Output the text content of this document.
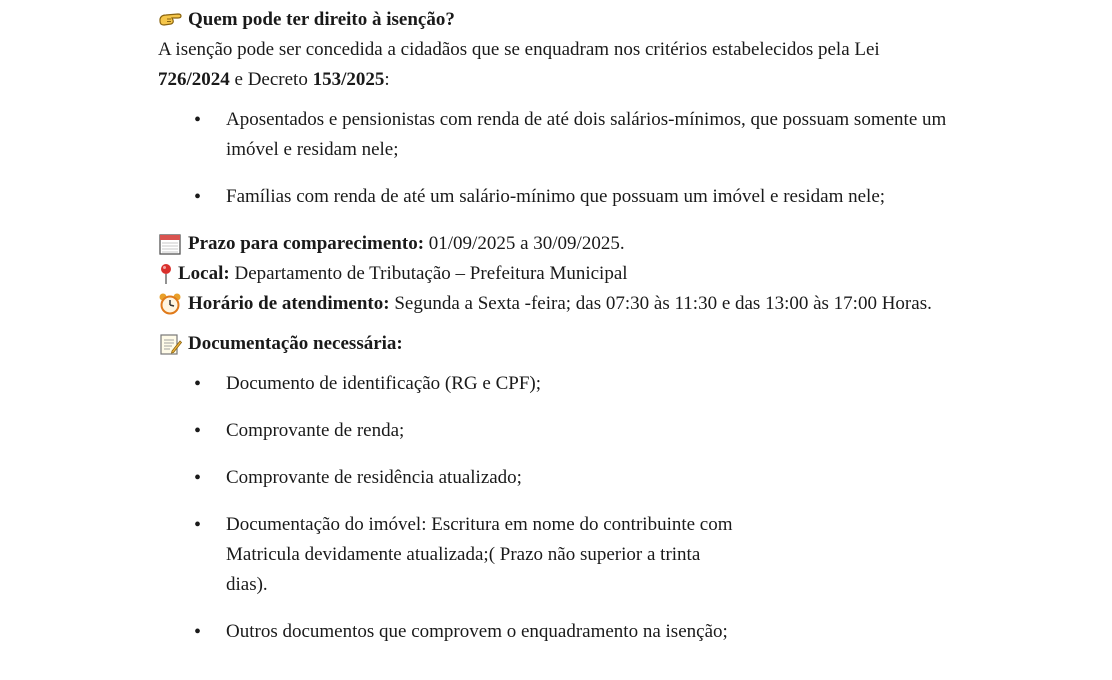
Quem pode ter direito à isenção?

A isenção pode ser concedida a cidadãos que se enquadram nos critérios estabelecidos pela Lei
726/2024 e Decreto 153/2025:

• Aposentados e pensionistas com renda de até dois salários-mínimos, que possuam somente um imóvel e residam nele;
• Famílias com renda de até um salário-mínimo que possuam um imóvel e residam nele;
Prazo para comparecimento:
01/09/2025 a 30/09/2025.
Local:
Departamento de Tributação – Prefeitura Municipal

Horário de atendimento: Segunda a Sexta -feira; das 07:30 às 11:30 e das 13:00 às 17:00 Horas.

Documentação necessária:
• Documento de identificação (RG e CPF);
• Comprovante de renda;
• Comprovante de residência atualizado;
• Documentação do imóvel: Escritura em nome do contribuinte com Matricula devidamente atualizada;( Prazo não superior a trinta dias).
• Outros documentos que comprovem o enquadramento na isenção;
